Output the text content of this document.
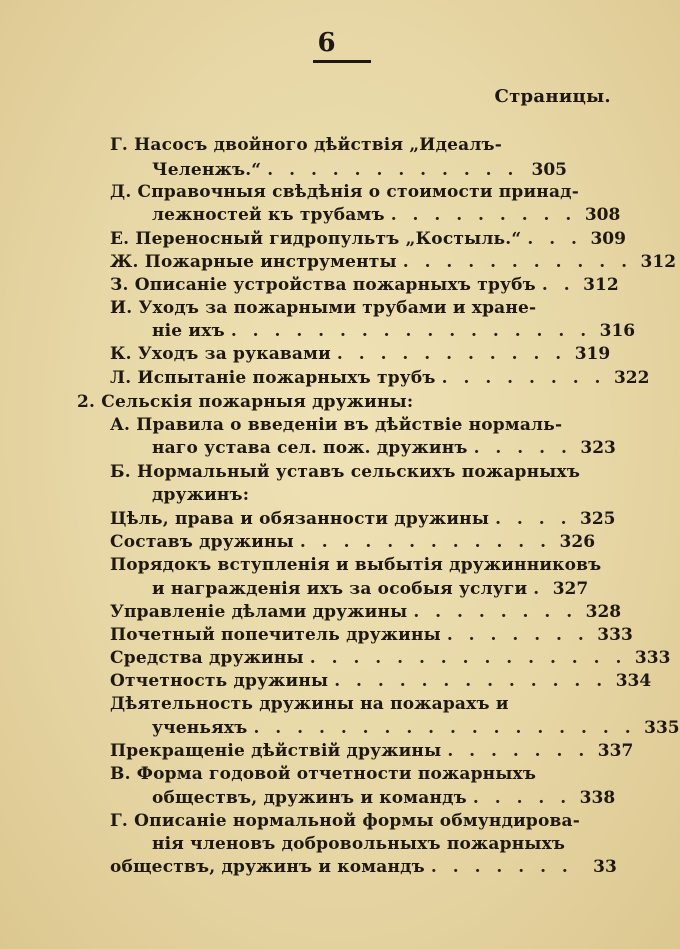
6
Страницы.
Г. Насосъ двойного дѣйствія „Идеалъ-
Челенжъ.“ . . . . . . . . . . . . 305
Д. Справочныя свѣдѣнія о стоимости принад-
лежностей къ трубамъ . . . . . . . . . 308
Е. Переносный гидропультъ „Костыль.“ . . . 309
Ж. Пожарные инструменты . . . . . . . . . . . 312
З. Описаніе устройства пожарныхъ трубъ . . 312
И. Уходъ за пожарными трубами и хране-
ніе ихъ . . . . . . . . . . . . . . . . . 316
К. Уходъ за рукавами . . . . . . . . . . . 319
Л. Испытаніе пожарныхъ трубъ . . . . . . . . 322
2. Сельскія пожарныя дружины:
А. Правила о введеніи въ дѣйствіе нормаль-
наго устава сел. пож. дружинъ . . . . . 323
Б. Нормальный уставъ сельскихъ пожарныхъ
дружинъ:
Цѣль, права и обязанности дружины . . . . 325
Составъ дружины . . . . . . . . . . . . 326
Порядокъ вступленія и выбытія дружинниковъ
и награжденія ихъ за особыя услуги . 327
Управленіе дѣлами дружины . . . . . . . . 328
Почетный попечитель дружины . . . . . . . 333
Средства дружины . . . . . . . . . . . . . . . 333
Отчетность дружины . . . . . . . . . . . . . 334
Дѣятельность дружины на пожарахъ и
ученьяхъ . . . . . . . . . . . . . . . . . . 335
Прекращеніе дѣйствій дружины . . . . . . . 337
В. Форма годовой отчетности пожарныхъ
обществъ, дружинъ и командъ . . . . . 338
Г. Описаніе нормальной формы обмундирова-
нія членовъ добровольныхъ пожарныхъ
обществъ, дружинъ и командъ . . . . . . .	33
